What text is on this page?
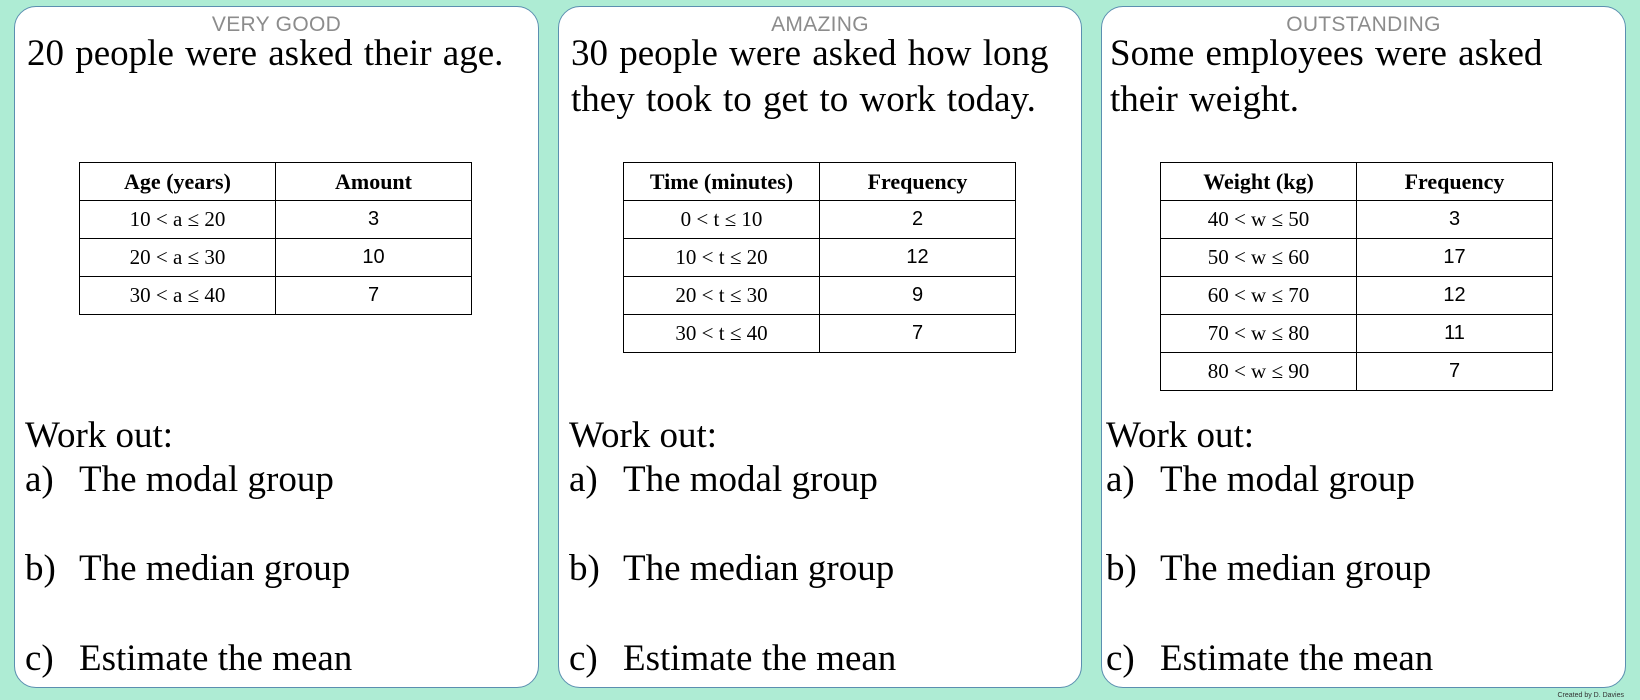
VERY GOOD

20 people were asked their age.

Age (years)	Amount
10 < a ≤ 20	3
20 < a ≤ 30	10
30 < a ≤ 40	7
Work out:
a) The modal group
b) The median group
c) Estimate the mean
AMAZING

30 people were asked how long they took to get to work today.

Time (minutes)	Frequency
0 < t ≤ 10	2
10 < t ≤ 20	12
20 < t ≤ 30	9
30 < t ≤ 40	7
Work out:
a) The modal group
b) The median group
c) Estimate the mean
OUTSTANDING

Some employees were asked their weight.

Weight (kg)	Frequency
40 < w ≤ 50	3
50 < w ≤ 60	17
60 < w ≤ 70	12
70 < w ≤ 80	11
80 < w ≤ 90	7
Work out:
a) The modal group
b) The median group
c) Estimate the mean
Created by D. Davies
